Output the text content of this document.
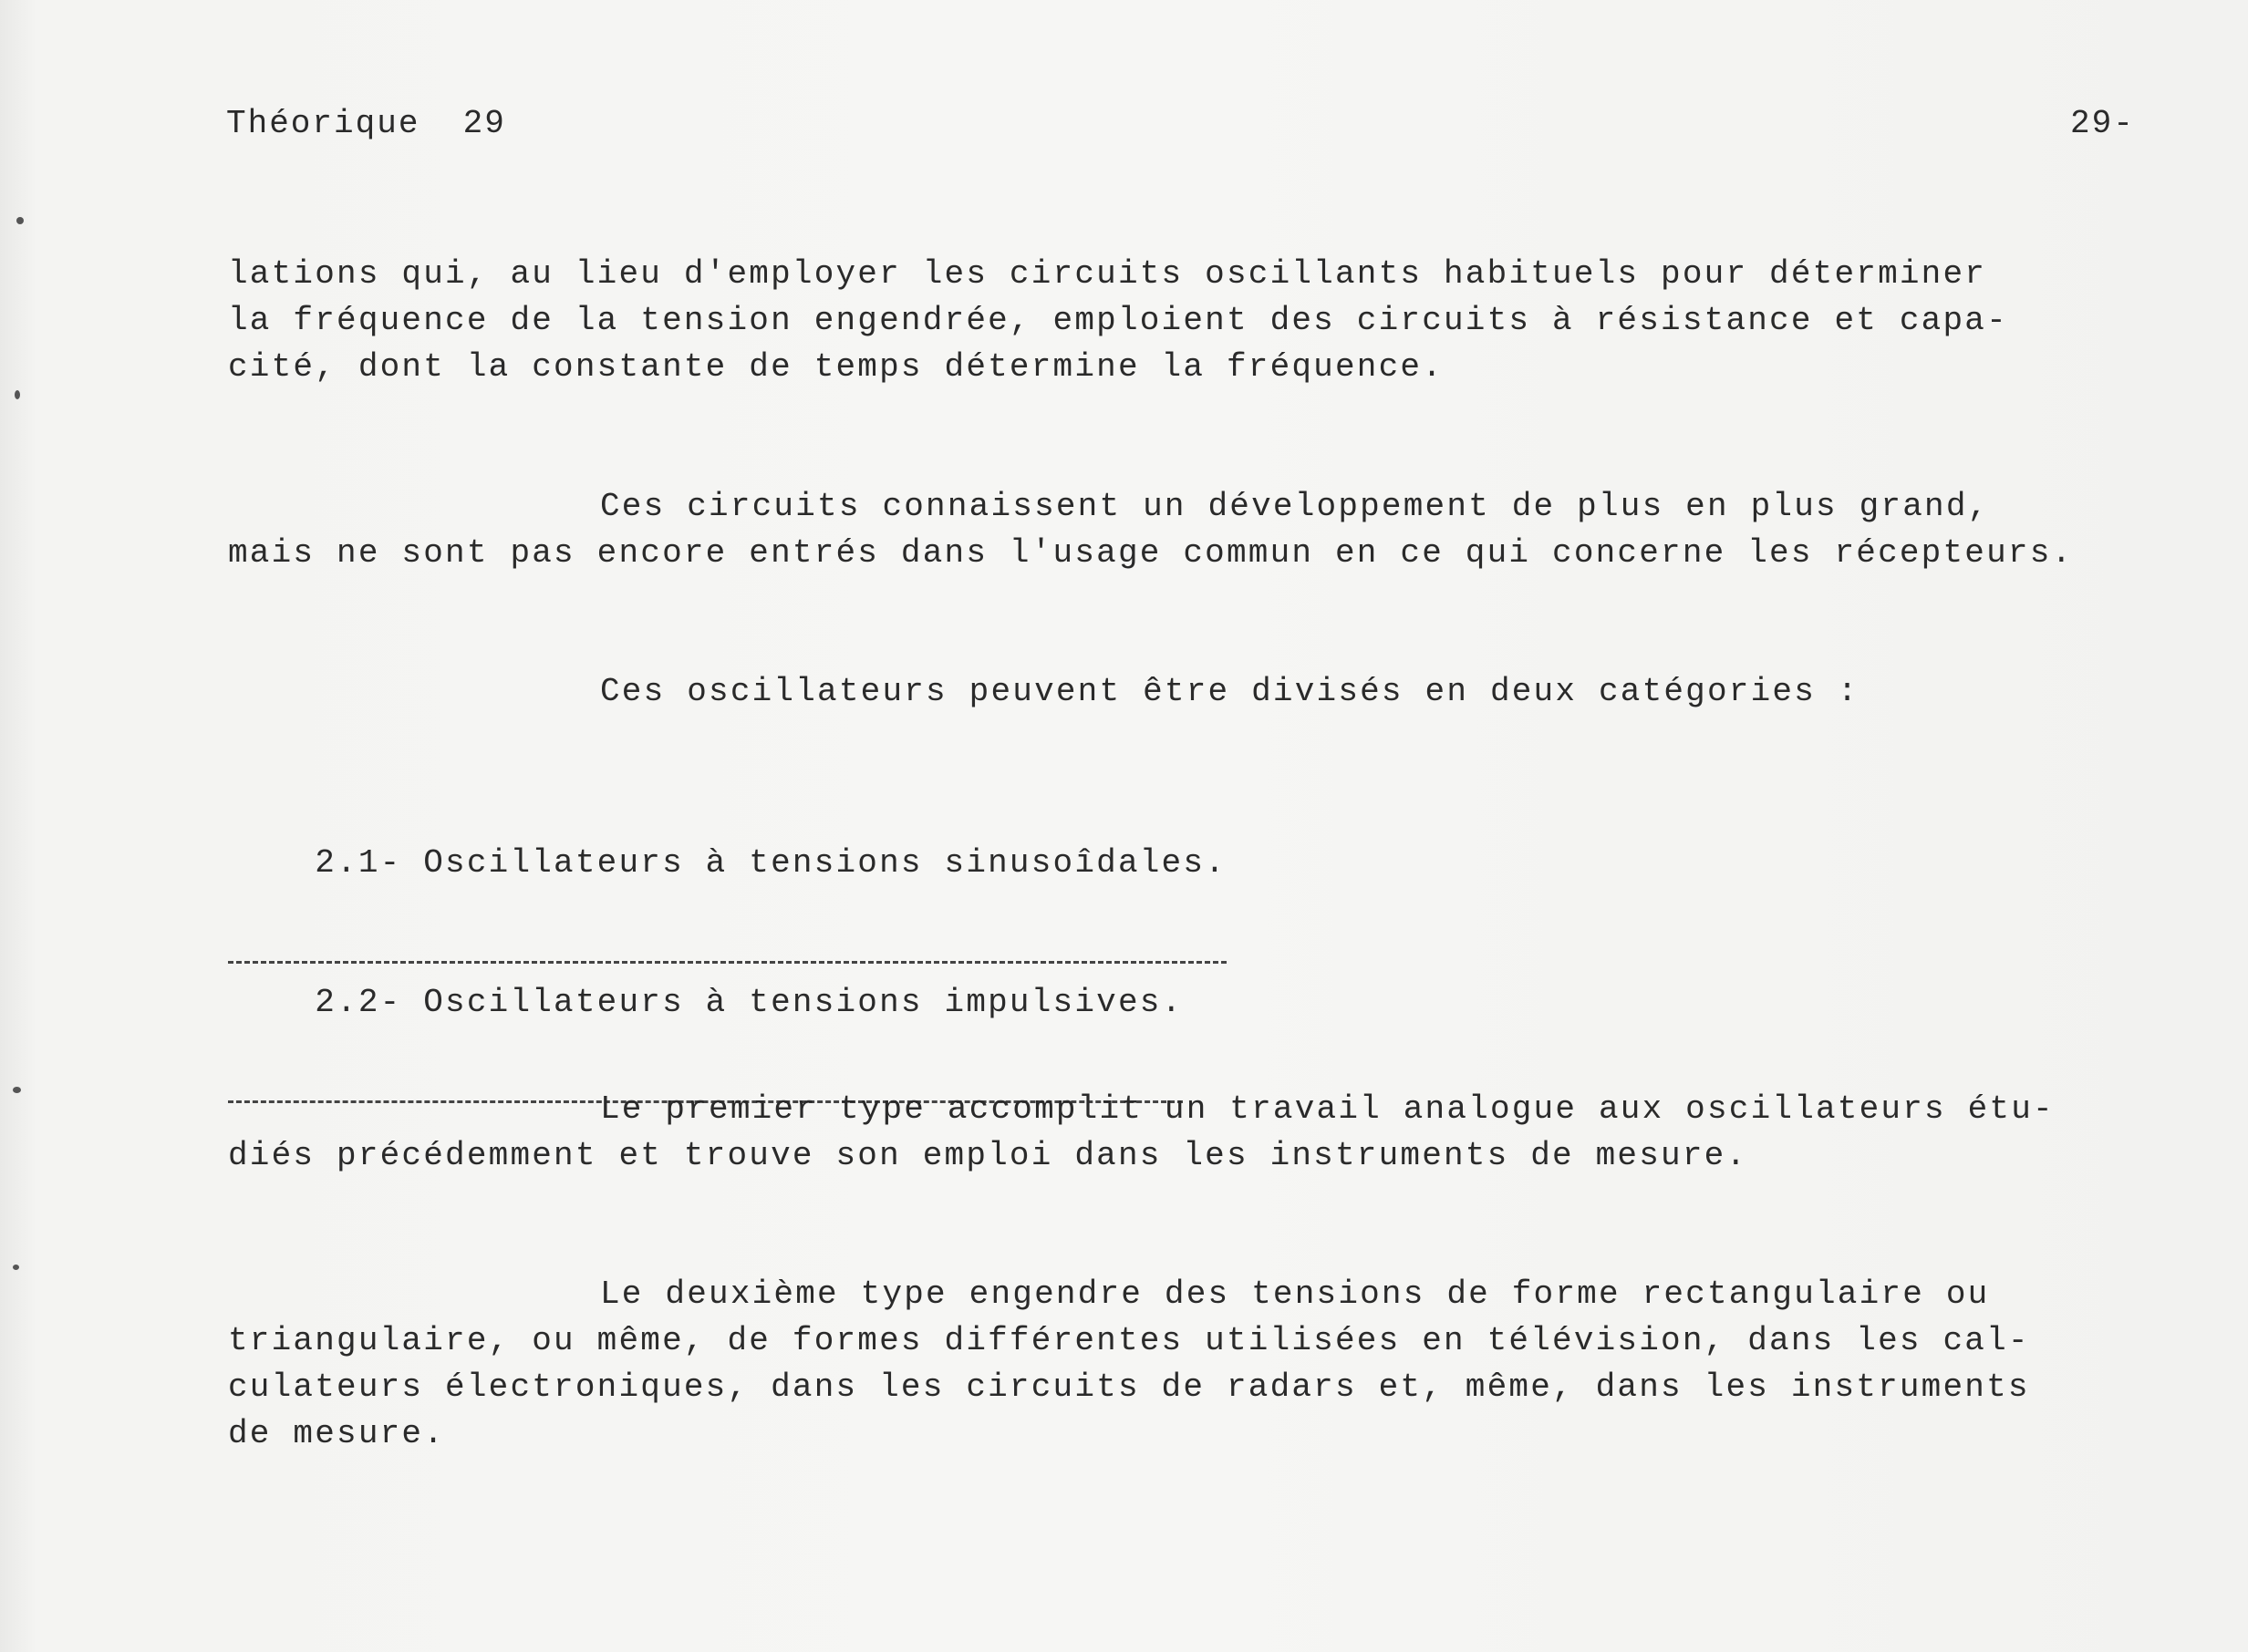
Théorique  29	29-
lations qui, au lieu d'employer les circuits oscillants habituels pour déterminer
la fréquence de la tension engendrée, emploient des circuits à résistance et capa-
cité, dont la constante de temps détermine la fréquence.
Ces circuits connaissent un développement de plus en plus grand,
mais ne sont pas encore entrés dans l'usage commun en ce qui concerne les récepteurs.
Ces oscillateurs peuvent être divisés en deux catégories :

2.1- Oscillateurs à tensions sinusoîdales.

2.2- Oscillateurs à tensions impulsives.

Le premier type accomplit un travail analogue aux oscillateurs étu-
diés précédemment et trouve son emploi dans les instruments de mesure.
Le deuxième type engendre des tensions de forme rectangulaire ou
triangulaire, ou même, de formes différentes utilisées en télévision, dans les cal-
culateurs électroniques, dans les circuits de radars et, même, dans les instruments
de mesure.
